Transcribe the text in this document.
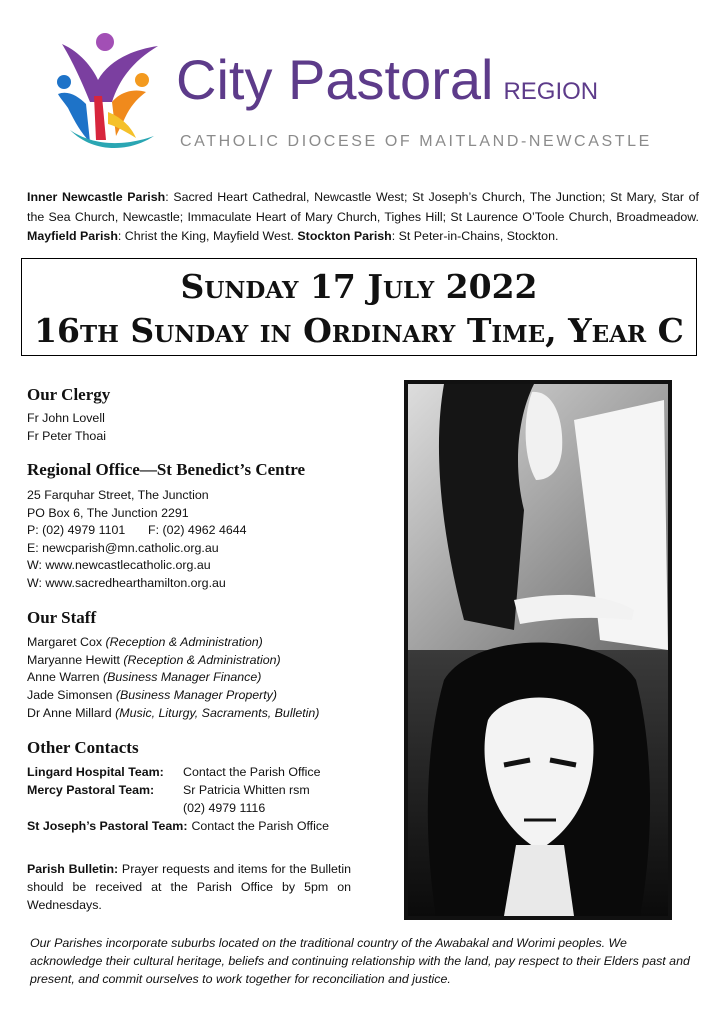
City Pastoral REGION
CATHOLIC DIOCESE OF MAITLAND-NEWCASTLE
Inner Newcastle Parish: Sacred Heart Cathedral, Newcastle West; St Joseph’s Church, The Junction; St Mary, Star of the Sea Church, Newcastle; Immaculate Heart of Mary Church, Tighes Hill; St Laurence O’Toole Church, Broadmeadow. Mayfield Parish: Christ the King, Mayfield West. Stockton Parish: St Peter-in-Chains, Stockton.
Sunday 17 July 2022
16th Sunday in Ordinary Time, Year C
Our Clergy
Fr John Lovell
Fr Peter Thoai
Regional Office—St Benedict’s Centre
25 Farquhar Street, The Junction
PO Box 6, The Junction 2291
P: (02) 4979 1101 F: (02) 4962 4644
E: newcparish@mn.catholic.org.au
W: www.newcastlecatholic.org.au
W: www.sacredhearthamilton.org.au
Our Staff
Margaret Cox (Reception & Administration)
Maryanne Hewitt (Reception & Administration)
Anne Warren (Business Manager Finance)
Jade Simonsen (Business Manager Property)
Dr Anne Millard (Music, Liturgy, Sacraments, Bulletin)
Other Contacts
Lingard Hospital Team:	Contact the Parish Office
Mercy Pastoral Team:	Sr Patricia Whitten rsm
(02) 4979 1116
St Joseph’s Pastoral Team: Contact the Parish Office
Parish Bulletin: Prayer requests and items for the Bulletin should be received at the Parish Office by 5pm on Wednesdays.
Our Parishes incorporate suburbs located on the traditional country of the Awabakal and Worimi peoples. We acknowledge their cultural heritage, beliefs and continuing relationship with the land, pay respect to their Elders past and present, and commit ourselves to work together for reconciliation and justice.
